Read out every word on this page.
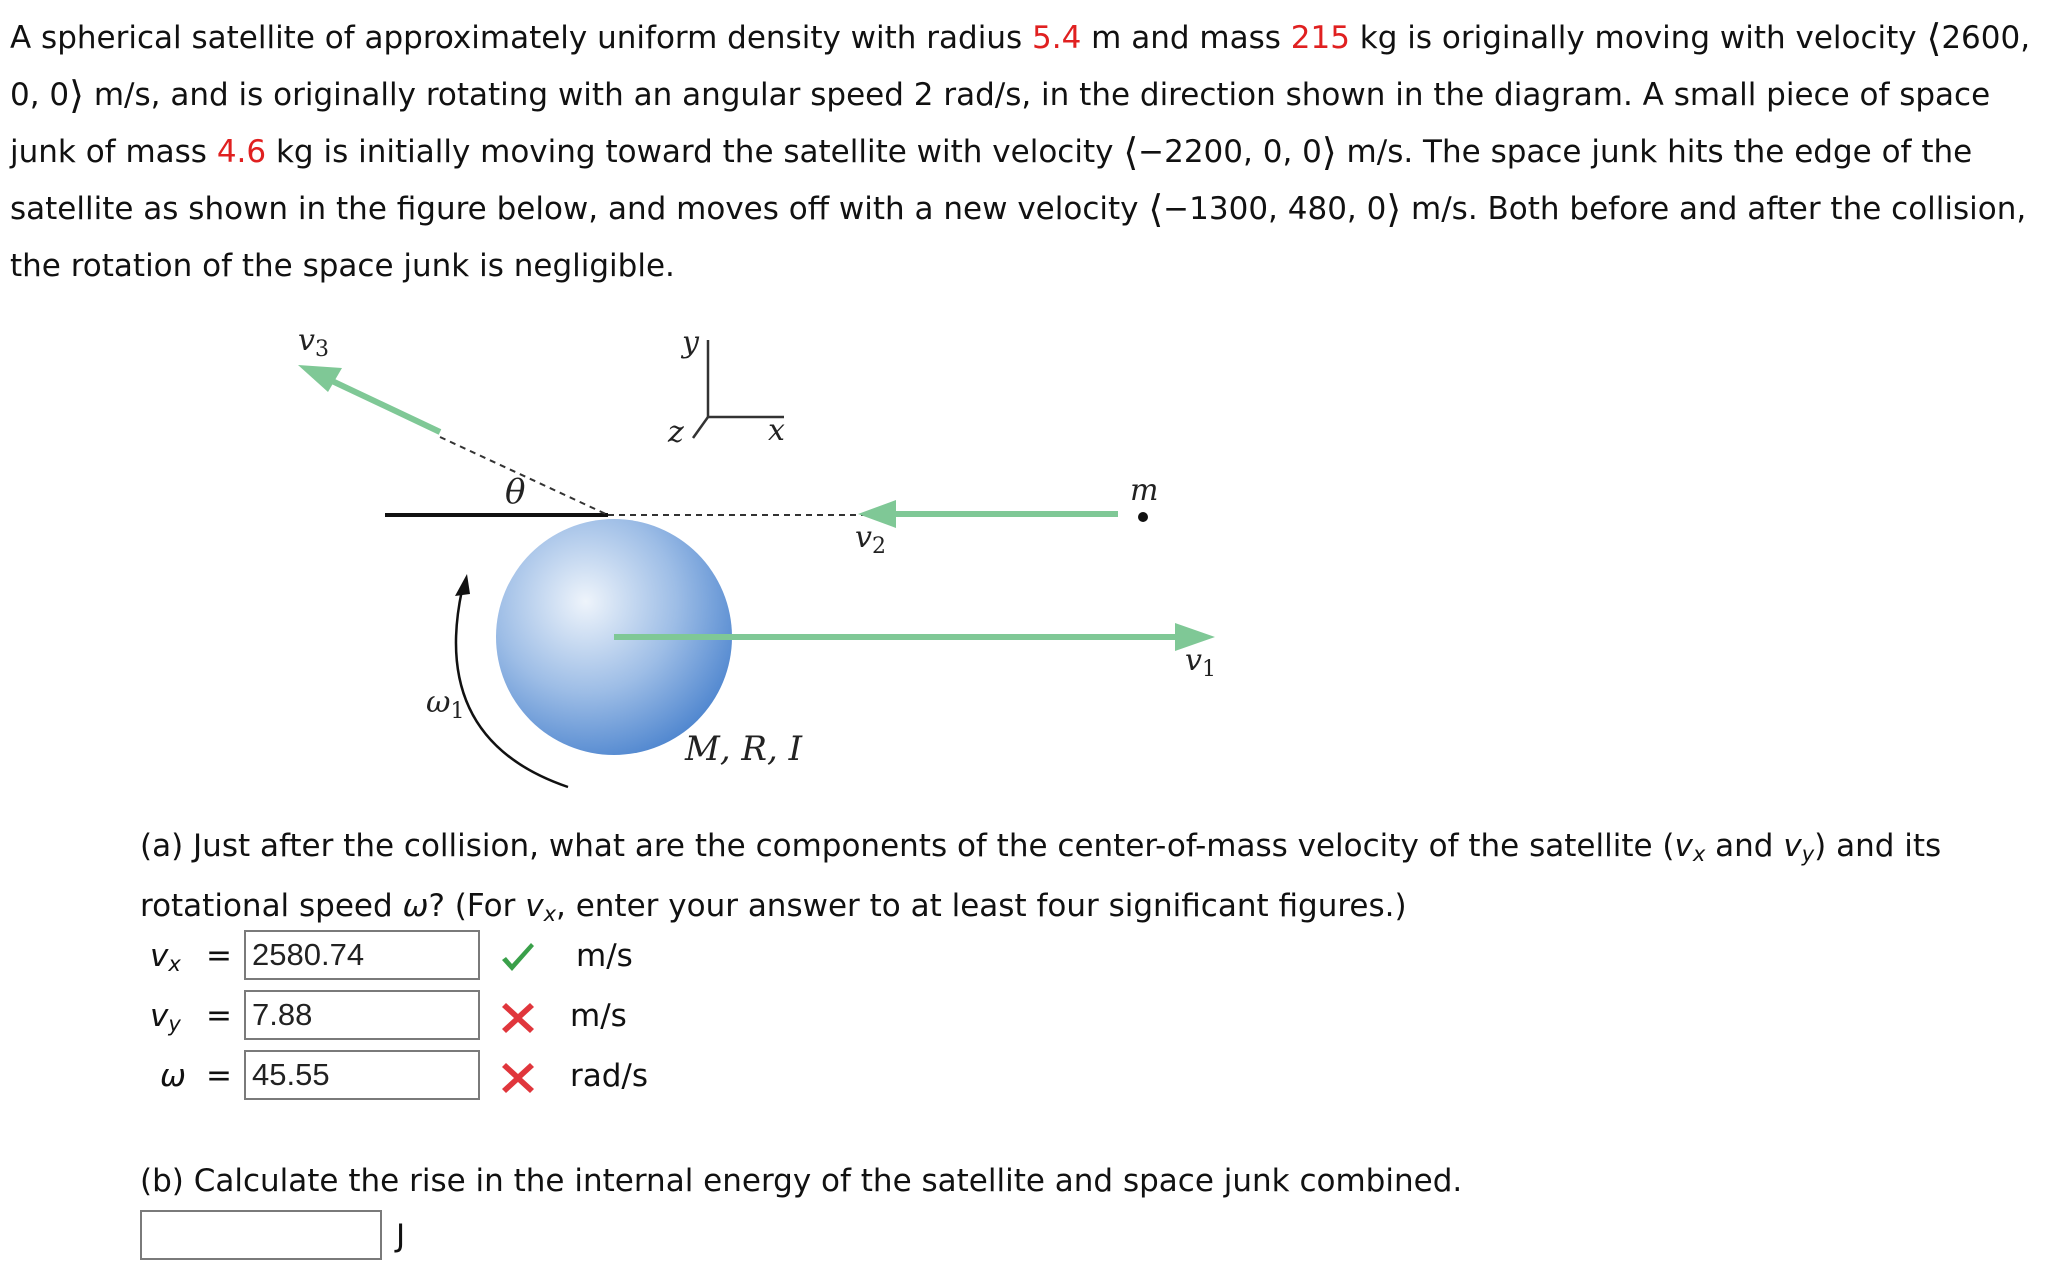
A spherical satellite of approximately uniform density with radius 5.4 m and mass 215 kg is originally moving with velocity ⟨2600, 0, 0⟩ m/s, and is originally rotating with an angular speed 2 rad/s, in the direction shown in the diagram. A small piece of space junk of mass 4.6 kg is initially moving toward the satellite with velocity ⟨−2200, 0, 0⟩ m/s. The space junk hits the edge of the satellite as shown in the figure below, and moves off with a new velocity ⟨−1300, 480, 0⟩ m/s. Both before and after the collision, the rotation of the space junk is negligible.

y
x
z
θ
$v_3$
$v_2$
m
$v_1$
$\omega_1$
M, R, I

(a) Just after the collision, what are the components of the center-of-mass velocity of the satellite ($v_x$ and $v_y$) and its rotational speed ω? (For $v_x$, enter your answer to at least four significant figures.)

$v_x = 2580.74$	m/s
$v_y = 7.88$	m/s
ω = 45.55	rad/s

(b) Calculate the rise in the internal energy of the satellite and space junk combined.

J
